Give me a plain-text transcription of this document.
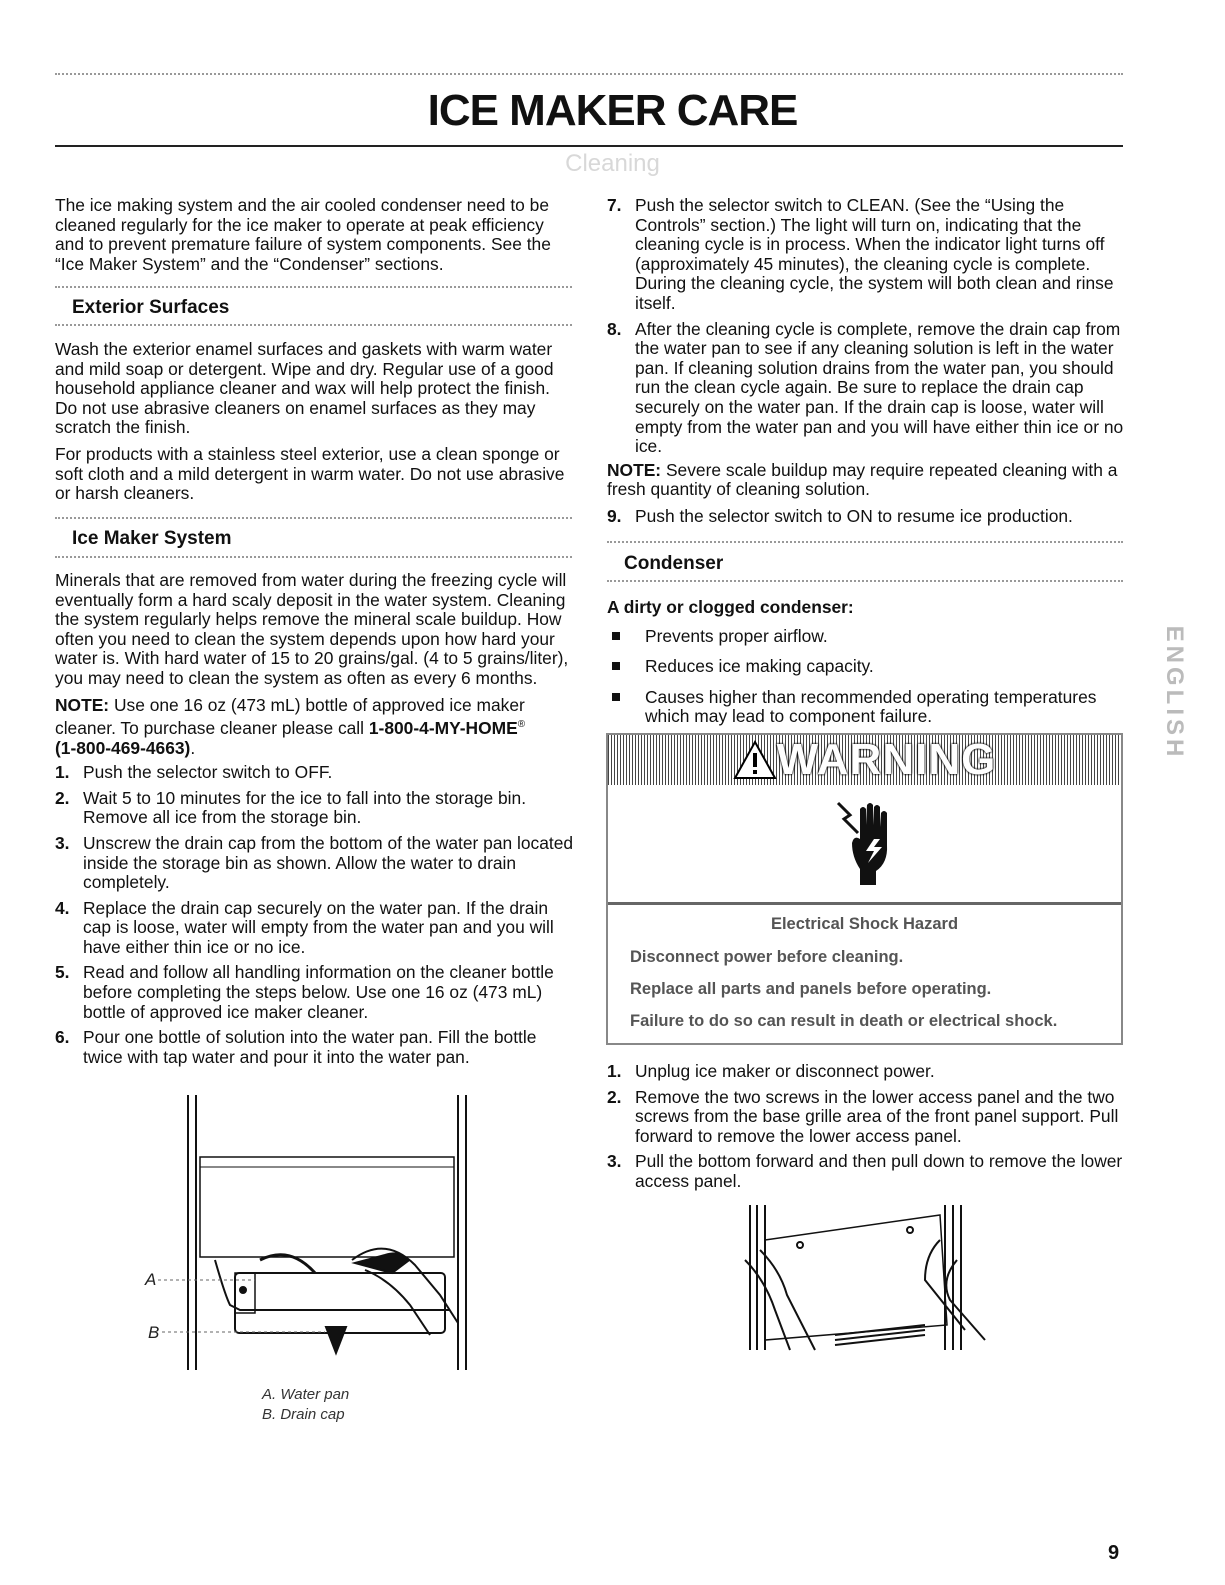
ICE MAKER CARE
Cleaning

The ice making system and the air cooled condenser need to be cleaned regularly for the ice maker to operate at peak efficiency and to prevent premature failure of system components. See the “Ice Maker System” and the “Condenser” sections.

Exterior Surfaces

Wash the exterior enamel surfaces and gaskets with warm water and mild soap or detergent. Wipe and dry. Regular use of a good household appliance cleaner and wax will help protect the finish. Do not use abrasive cleaners on enamel surfaces as they may scratch the finish.

For products with a stainless steel exterior, use a clean sponge or soft cloth and a mild detergent in warm water. Do not use abrasive or harsh cleaners.

Ice Maker System

Minerals that are removed from water during the freezing cycle will eventually form a hard scaly deposit in the water system. Cleaning the system regularly helps remove the mineral scale buildup. How often you need to clean the system depends upon how hard your water is. With hard water of 15 to 20 grains/gal. (4 to 5 grains/liter), you may need to clean the system as often as every 6 months.

NOTE: Use one 16 oz (473 mL) bottle of approved ice maker cleaner. To purchase cleaner please call 1-800-4-MY-HOME®
(1-800-469-4663).

1. Push the selector switch to OFF.
2. Wait 5 to 10 minutes for the ice to fall into the storage bin. Remove all ice from the storage bin.
3. Unscrew the drain cap from the bottom of the water pan located inside the storage bin as shown. Allow the water to drain completely.
4. Replace the drain cap securely on the water pan. If the drain cap is loose, water will empty from the water pan and you will have either thin ice or no ice.
5. Read and follow all handling information on the cleaner bottle before completing the steps below. Use one 16 oz (473 mL) bottle of approved ice maker cleaner.
6. Pour one bottle of solution into the water pan. Fill the bottle twice with tap water and pour it into the water pan.
A
B
A. Water pan
B. Drain cap
7. Push the selector switch to CLEAN. (See the “Using the Controls” section.) The light will turn on, indicating that the cleaning cycle is in process. When the indicator light turns off (approximately 45 minutes), the cleaning cycle is complete. During the cleaning cycle, the system will both clean and rinse itself.
8. After the cleaning cycle is complete, remove the drain cap from the water pan to see if any cleaning solution is left in the water pan. If cleaning solution drains from the water pan, you should run the clean cycle again. Be sure to replace the drain cap securely on the water pan. If the drain cap is loose, water will empty from the water pan and you will have either thin ice or no ice.

NOTE: Severe scale buildup may require repeated cleaning with a fresh quantity of cleaning solution.

9. Push the selector switch to ON to resume ice production.
Condenser

A dirty or clogged condenser:

Prevents proper airflow.
Reduces ice making capacity.
Causes higher than recommended operating temperatures which may lead to component failure.
WARNING
Electrical Shock Hazard
Disconnect power before cleaning.
Replace all parts and panels before operating.
Failure to do so can result in death or electrical shock.
1. Unplug ice maker or disconnect power.
2. Remove the two screws in the lower access panel and the two screws from the base grille area of the front panel support. Pull forward to remove the lower access panel.
3. Pull the bottom forward and then pull down to remove the lower access panel.
ENGLISH
9
